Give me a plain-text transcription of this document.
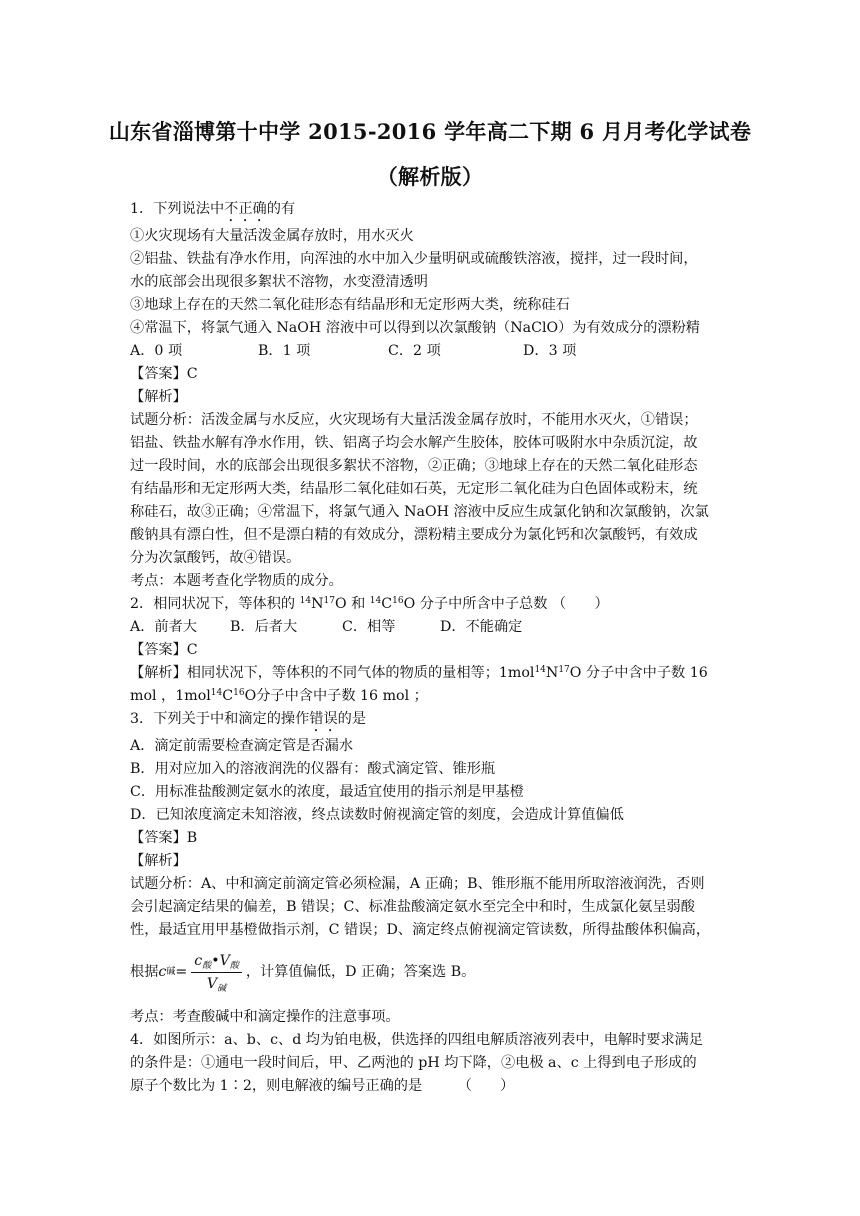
山东省淄博第十中学 2015-2016 学年高二下期 6 月月考化学试卷
（解析版）

1．下列说法中不正确的有

①火灾现场有大量活泼金属存放时，用水灭火

②铝盐、铁盐有净水作用，向浑浊的水中加入少量明矾或硫酸铁溶液，搅拌，过一段时间，

水的底部会出现很多絮状不溶物，水变澄清透明

③地球上存在的天然二氧化硅形态有结晶形和无定形两大类，统称硅石

④常温下，将氯气通入 NaOH 溶液中可以得到以次氯酸钠（NaClO）为有效成分的漂粉精

A．0 项	B．1 项	C．2 项	D．3 项

【答案】C

【解析】

试题分析：活泼金属与水反应，火灾现场有大量活泼金属存放时，不能用水灭火，①错误；

铝盐、铁盐水解有净水作用，铁、铝离子均会水解产生胶体，胶体可吸附水中杂质沉淀，故

过一段时间，水的底部会出现很多絮状不溶物，②正确；③地球上存在的天然二氧化硅形态

有结晶形和无定形两大类，结晶形二氧化硅如石英，无定形二氧化硅为白色固体或粉末，统

称硅石，故③正确；④常温下，将氯气通入 NaOH 溶液中反应生成氯化钠和次氯酸钠，次氯

酸钠具有漂白性，但不是漂白精的有效成分，漂粉精主要成分为氯化钙和次氯酸钙，有效成

分为次氯酸钙，故④错误。

考点：本题考查化学物质的成分。

2．相同状况下，等体积的 $^{14}N^{17}O$ 和 $^{14}C^{16}O$ 分子中所含中子总数 （　　）

A．前者大	B．后者大	C．相等	D．不能确定

【答案】C

【解析】相同状况下，等体积的不同气体的物质的量相等；$1mol^{14}N^{17}O$ 分子中含中子数 16

mol ，$1mol^{14}C^{16}O$分子中含中子数 16 mol ；

3．下列关于中和滴定的操作错误的是

A．滴定前需要检查滴定管是否漏水

B．用对应加入的溶液润洗的仪器有：酸式滴定管、锥形瓶

C．用标准盐酸测定氨水的浓度，最适宜使用的指示剂是甲基橙

D．已知浓度滴定未知溶液，终点读数时俯视滴定管的刻度，会造成计算值偏低

【答案】B

【解析】

试题分析：A、中和滴定前滴定管必须检漏，A 正确；B、锥形瓶不能用所取溶液润洗，否则

会引起滴定结果的偏差，B 错误；C、标准盐酸滴定氨水至完全中和时，生成氯化氨呈弱酸

性，最适宜用甲基橙做指示剂，C 错误；D、滴定终点俯视滴定管读数，所得盐酸体积偏高，

根据 c 碱 = $\frac{c_酸•V_酸}{V_碱}$ ，计算值偏低，D 正确；答案选 B。

考点：考查酸碱中和滴定操作的注意事项。

4．如图所示：a、b、c、d 均为铂电极，供选择的四组电解质溶液列表中，电解时要求满足

的条件是：①通电一段时间后，甲、乙两池的 pH 均下降，②电极 a、c 上得到电子形成的

原子个数比为 1∶2，则电解液的编号正确的是　　　（　　）
